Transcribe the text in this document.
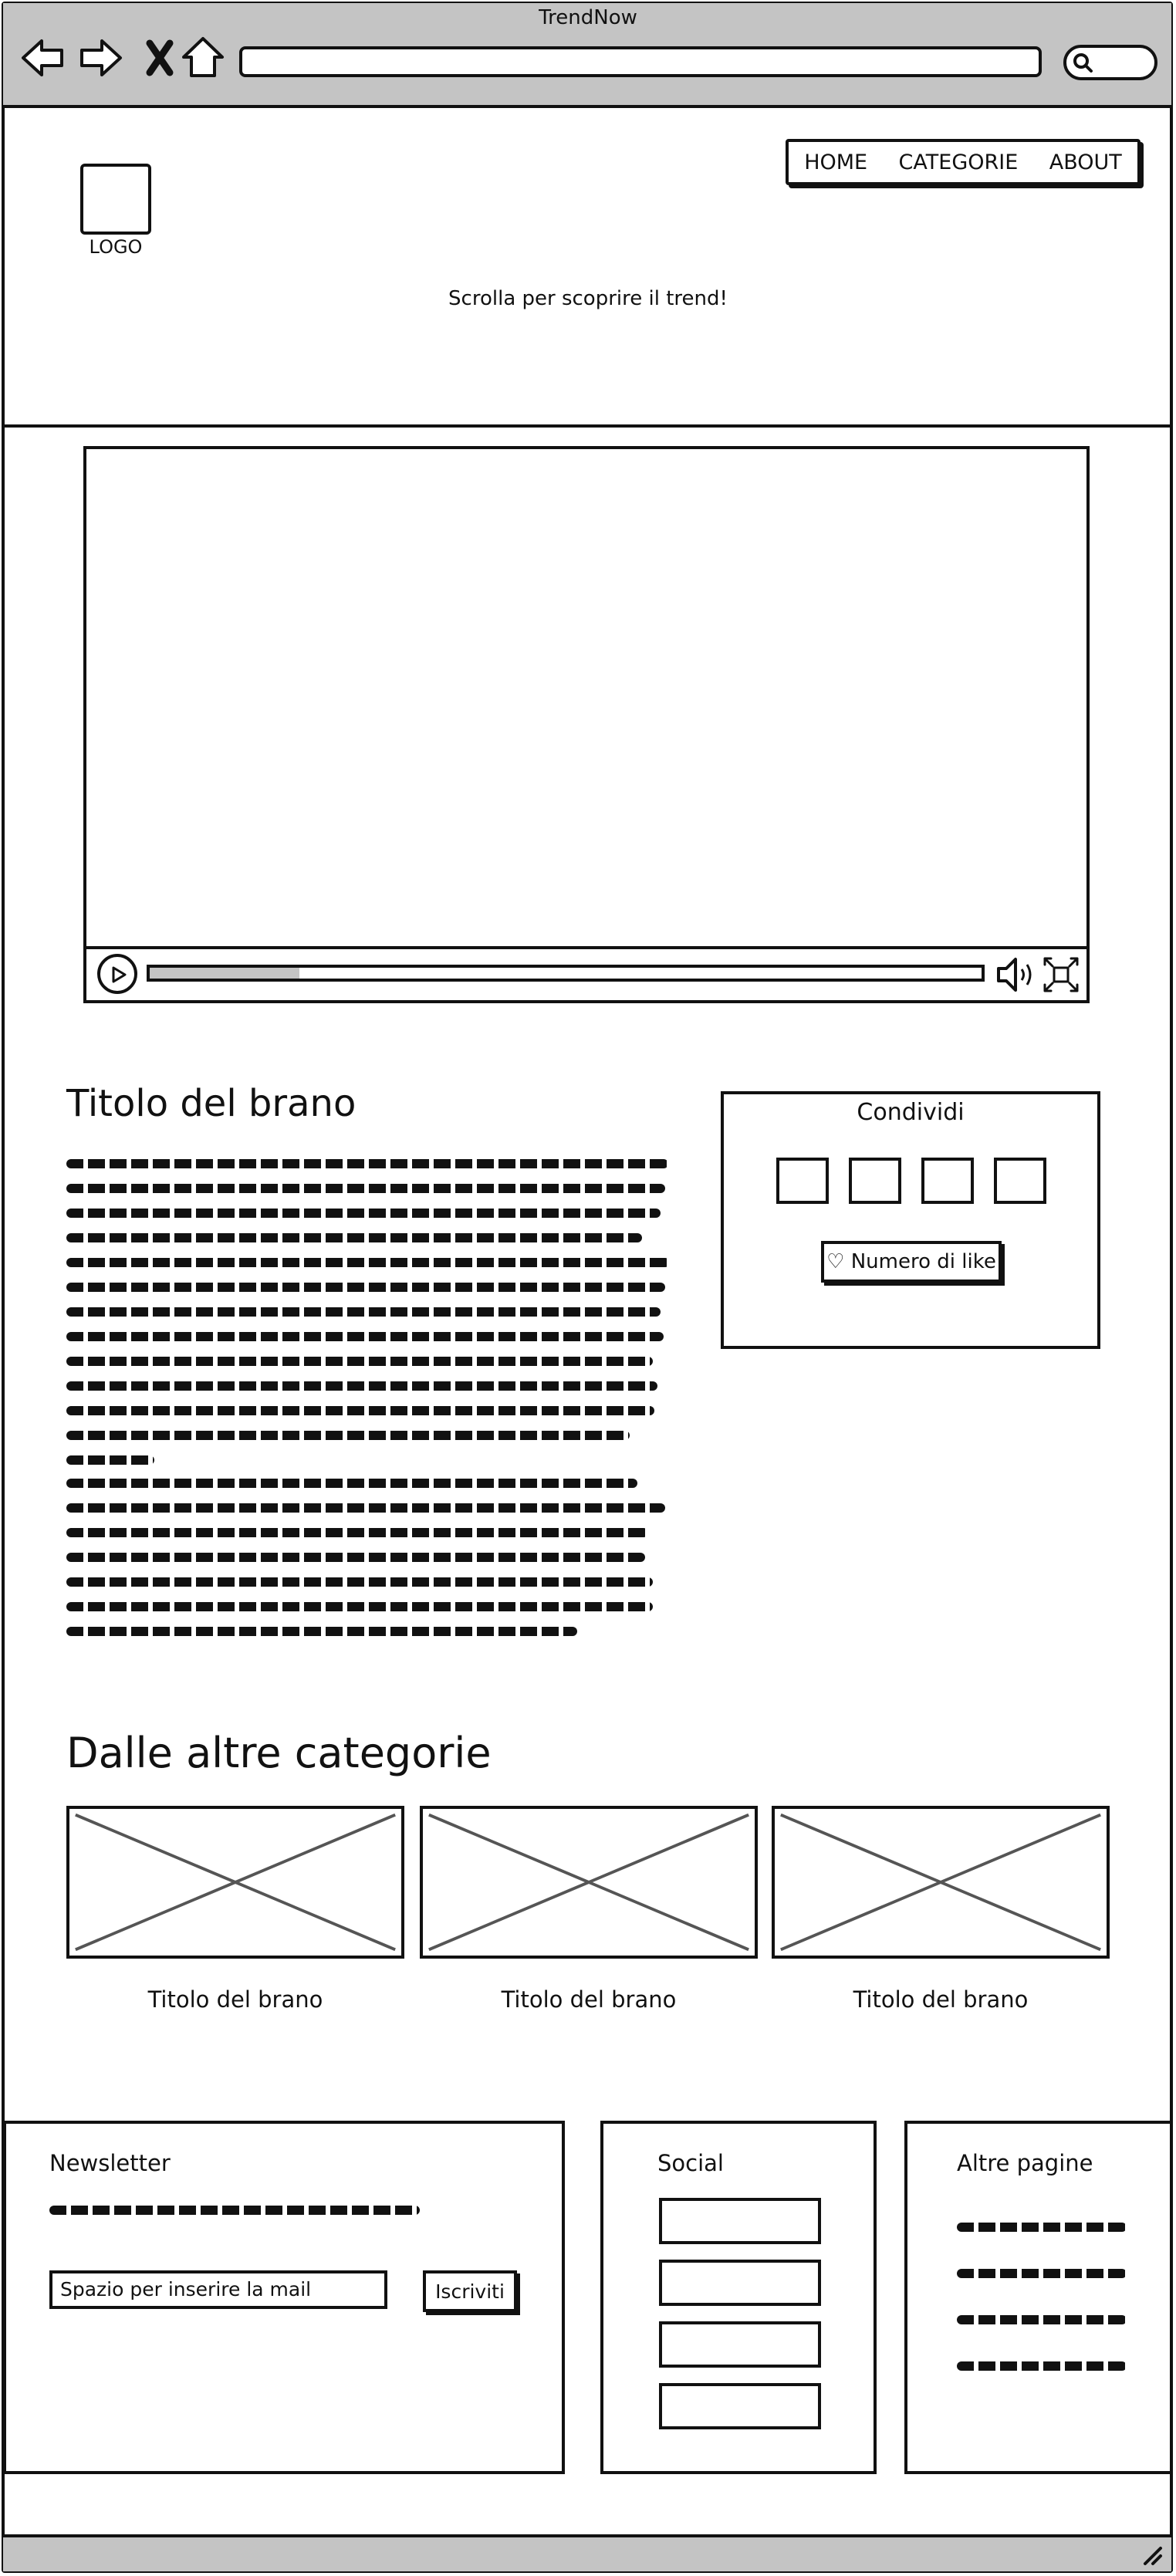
TrendNow
LOGO
HOME CATEGORIE ABOUT
Scrolla per scoprire il trend!
Titolo del brano	Condividi
♡ Numero di like
Dalle altre categorie
Titolo del brano	Titolo del brano	Titolo del brano
Newsletter
Spazio per inserire la mail	Iscriviti
Social	Altre pagine
